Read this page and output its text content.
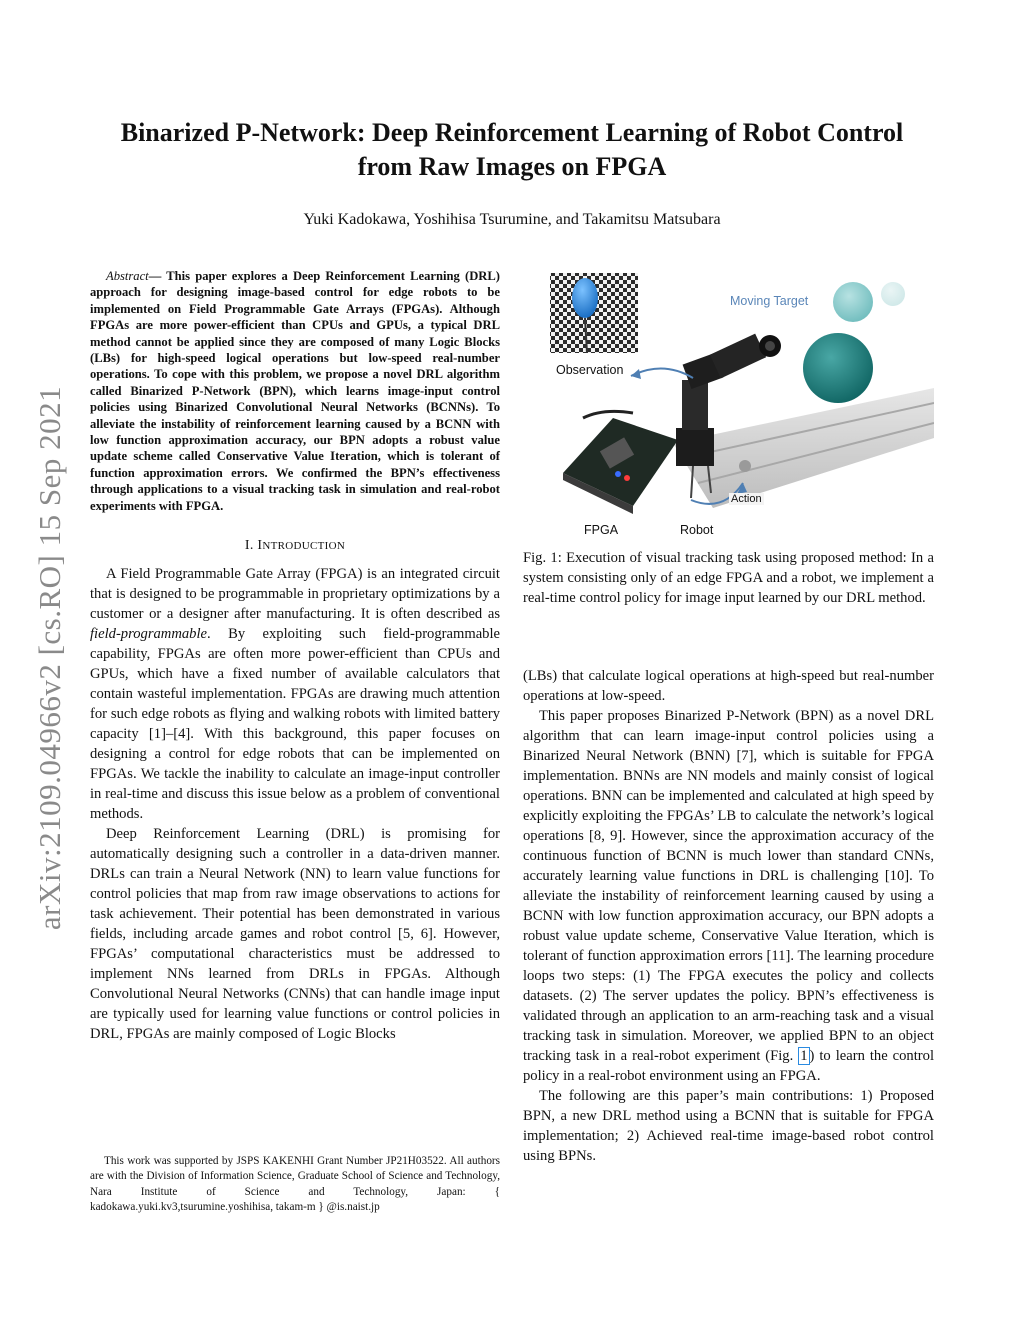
arXiv:2109.04966v2 [cs.RO] 15 Sep 2021
Binarized P-Network: Deep Reinforcement Learning of Robot Control
from Raw Images on FPGA

Yuki Kadokawa, Yoshihisa Tsurumine, and Takamitsu Matsubara

Abstract— This paper explores a Deep Reinforcement Learning (DRL) approach for designing image-based control for edge robots to be implemented on Field Programmable Gate Arrays (FPGAs). Although FPGAs are more power-efficient than CPUs and GPUs, a typical DRL method cannot be applied since they are composed of many Logic Blocks (LBs) for high-speed logical operations but low-speed real-number operations. To cope with this problem, we propose a novel DRL algorithm called Binarized P-Network (BPN), which learns image-input control policies using Binarized Convolutional Neural Networks (BCNNs). To alleviate the instability of reinforcement learning caused by a BCNN with low function approximation accuracy, our BPN adopts a robust value update scheme called Conservative Value Iteration, which is tolerant of function approximation errors. We confirmed the BPN’s effectiveness through applications to a visual tracking task in simulation and real-robot experiments with FPGA.

I. INTRODUCTION

A Field Programmable Gate Array (FPGA) is an integrated circuit that is designed to be programmable in proprietary optimizations by a customer or a designer after manufacturing. It is often described as field-programmable. By exploiting such field-programmable capability, FPGAs are often more power-efficient than CPUs and GPUs, which have a fixed number of available calculators that contain wasteful implementation. FPGAs are drawing much attention for such edge robots as flying and walking robots with limited battery capacity [1]–[4]. With this background, this paper focuses on designing a control for edge robots that can be implemented on FPGAs. We tackle the inability to calculate an image-input controller in real-time and discuss this issue below as a problem of conventional methods.

Deep Reinforcement Learning (DRL) is promising for automatically designing such a controller in a data-driven manner. DRLs can train a Neural Network (NN) to learn value functions for control policies that map from raw image observations to actions for task achievement. Their potential has been demonstrated in various fields, including arcade games and robot control [5, 6]. However, FPGAs’ computational characteristics must be addressed to implement NNs learned from DRLs in FPGAs. Although Convolutional Neural Networks (CNNs) that can handle image input are typically used for learning value functions or control policies in DRL, FPGAs are mainly composed of Logic Blocks

This work was supported by JSPS KAKENHI Grant Number JP21H03522. All authors are with the Division of Information Science, Graduate School of Science and Technology, Nara Institute of Science and Technology, Japan: { kadokawa.yuki.kv3,tsurumine.yoshihisa, takam-m } @is.naist.jp

Moving Target
Observation
Action
FPGA	Robot

Fig. 1: Execution of visual tracking task using proposed method: In a system consisting only of an edge FPGA and a robot, we implement a real-time control policy for image input learned by our DRL method.

(LBs) that calculate logical operations at high-speed but real-number operations at low-speed.

This paper proposes Binarized P-Network (BPN) as a novel DRL algorithm that can learn image-input control policies using a Binarized Neural Network (BNN) [7], which is suitable for FPGA implementation. BNNs are NN models and mainly consist of logical operations. BNN can be implemented and calculated at high speed by explicitly exploiting the FPGAs’ LB to calculate the network’s logical operations [8, 9]. However, since the approximation accuracy of the continuous function of BCNN is much lower than standard CNNs, accurately learning value functions in DRL is challenging [10]. To alleviate the instability of reinforcement learning caused by using a BCNN with low function approximation accuracy, our BPN adopts a robust value update scheme, Conservative Value Iteration, which is tolerant of function approximation errors [11]. The learning procedure loops two steps: (1) The FPGA executes the policy and collects datasets. (2) The server updates the policy. BPN’s effectiveness is validated through an application to an arm-reaching task and a visual tracking task in simulation. Moreover, we applied BPN to an object tracking task in a real-robot experiment (Fig. 1 ) to learn the control policy in a real-robot environment using an FPGA.

The following are this paper’s main contributions: 1) Proposed BPN, a new DRL method using a BCNN that is suitable for FPGA implementation; 2) Achieved real-time image-based robot control using BPNs.
